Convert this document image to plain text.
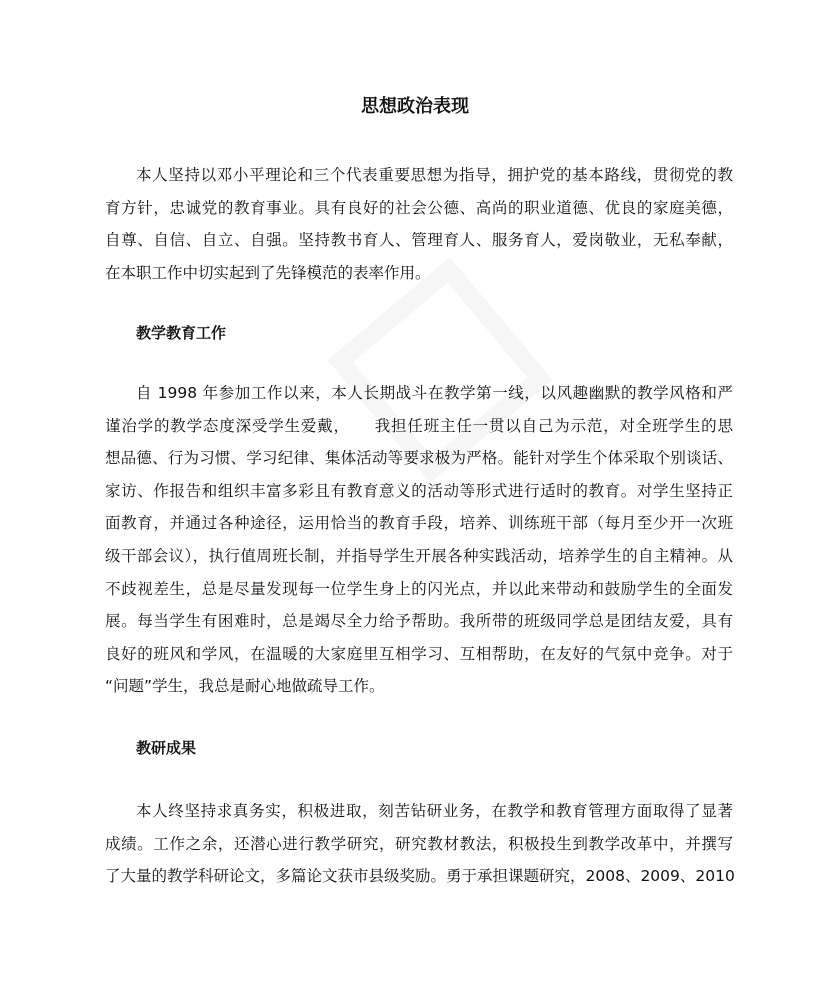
思想政治表现
本人坚持以邓小平理论和三个代表重要思想为指导，拥护党的基本路线，贯彻党的教
育方针，忠诚党的教育事业。具有良好的社会公德、高尚的职业道德、优良的家庭美德，
自尊、自信、自立、自强。坚持教书育人、管理育人、服务育人，爱岗敬业，无私奉献，
在本职工作中切实起到了先锋模范的表率作用。
教学教育工作
自 1998 年参加工作以来，本人长期战斗在教学第一线，以风趣幽默的教学风格和严
谨治学的教学态度深受学生爱戴，　　我担任班主任一贯以自己为示范，对全班学生的思
想品德、行为习惯、学习纪律、集体活动等要求极为严格。能针对学生个体采取个别谈话、
家访、作报告和组织丰富多彩且有教育意义的活动等形式进行适时的教育。对学生坚持正
面教育，并通过各种途径，运用恰当的教育手段，培养、训练班干部（每月至少开一次班
级干部会议），执行值周班长制，并指导学生开展各种实践活动，培养学生的自主精神。从
不歧视差生，总是尽量发现每一位学生身上的闪光点，并以此来带动和鼓励学生的全面发
展。每当学生有困难时，总是竭尽全力给予帮助。我所带的班级同学总是团结友爱，具有
良好的班风和学风，在温暖的大家庭里互相学习、互相帮助，在友好的气氛中竞争。对于
“问题”学生，我总是耐心地做疏导工作。
教研成果
本人终坚持求真务实，积极进取，刻苦钻研业务，在教学和教育管理方面取得了显著
成绩。工作之余，还潜心进行教学研究，研究教材教法，积极投生到教学改革中，并撰写
了大量的教学科研论文，多篇论文获市县级奖励。勇于承担课题研究，2008、2009、2010
